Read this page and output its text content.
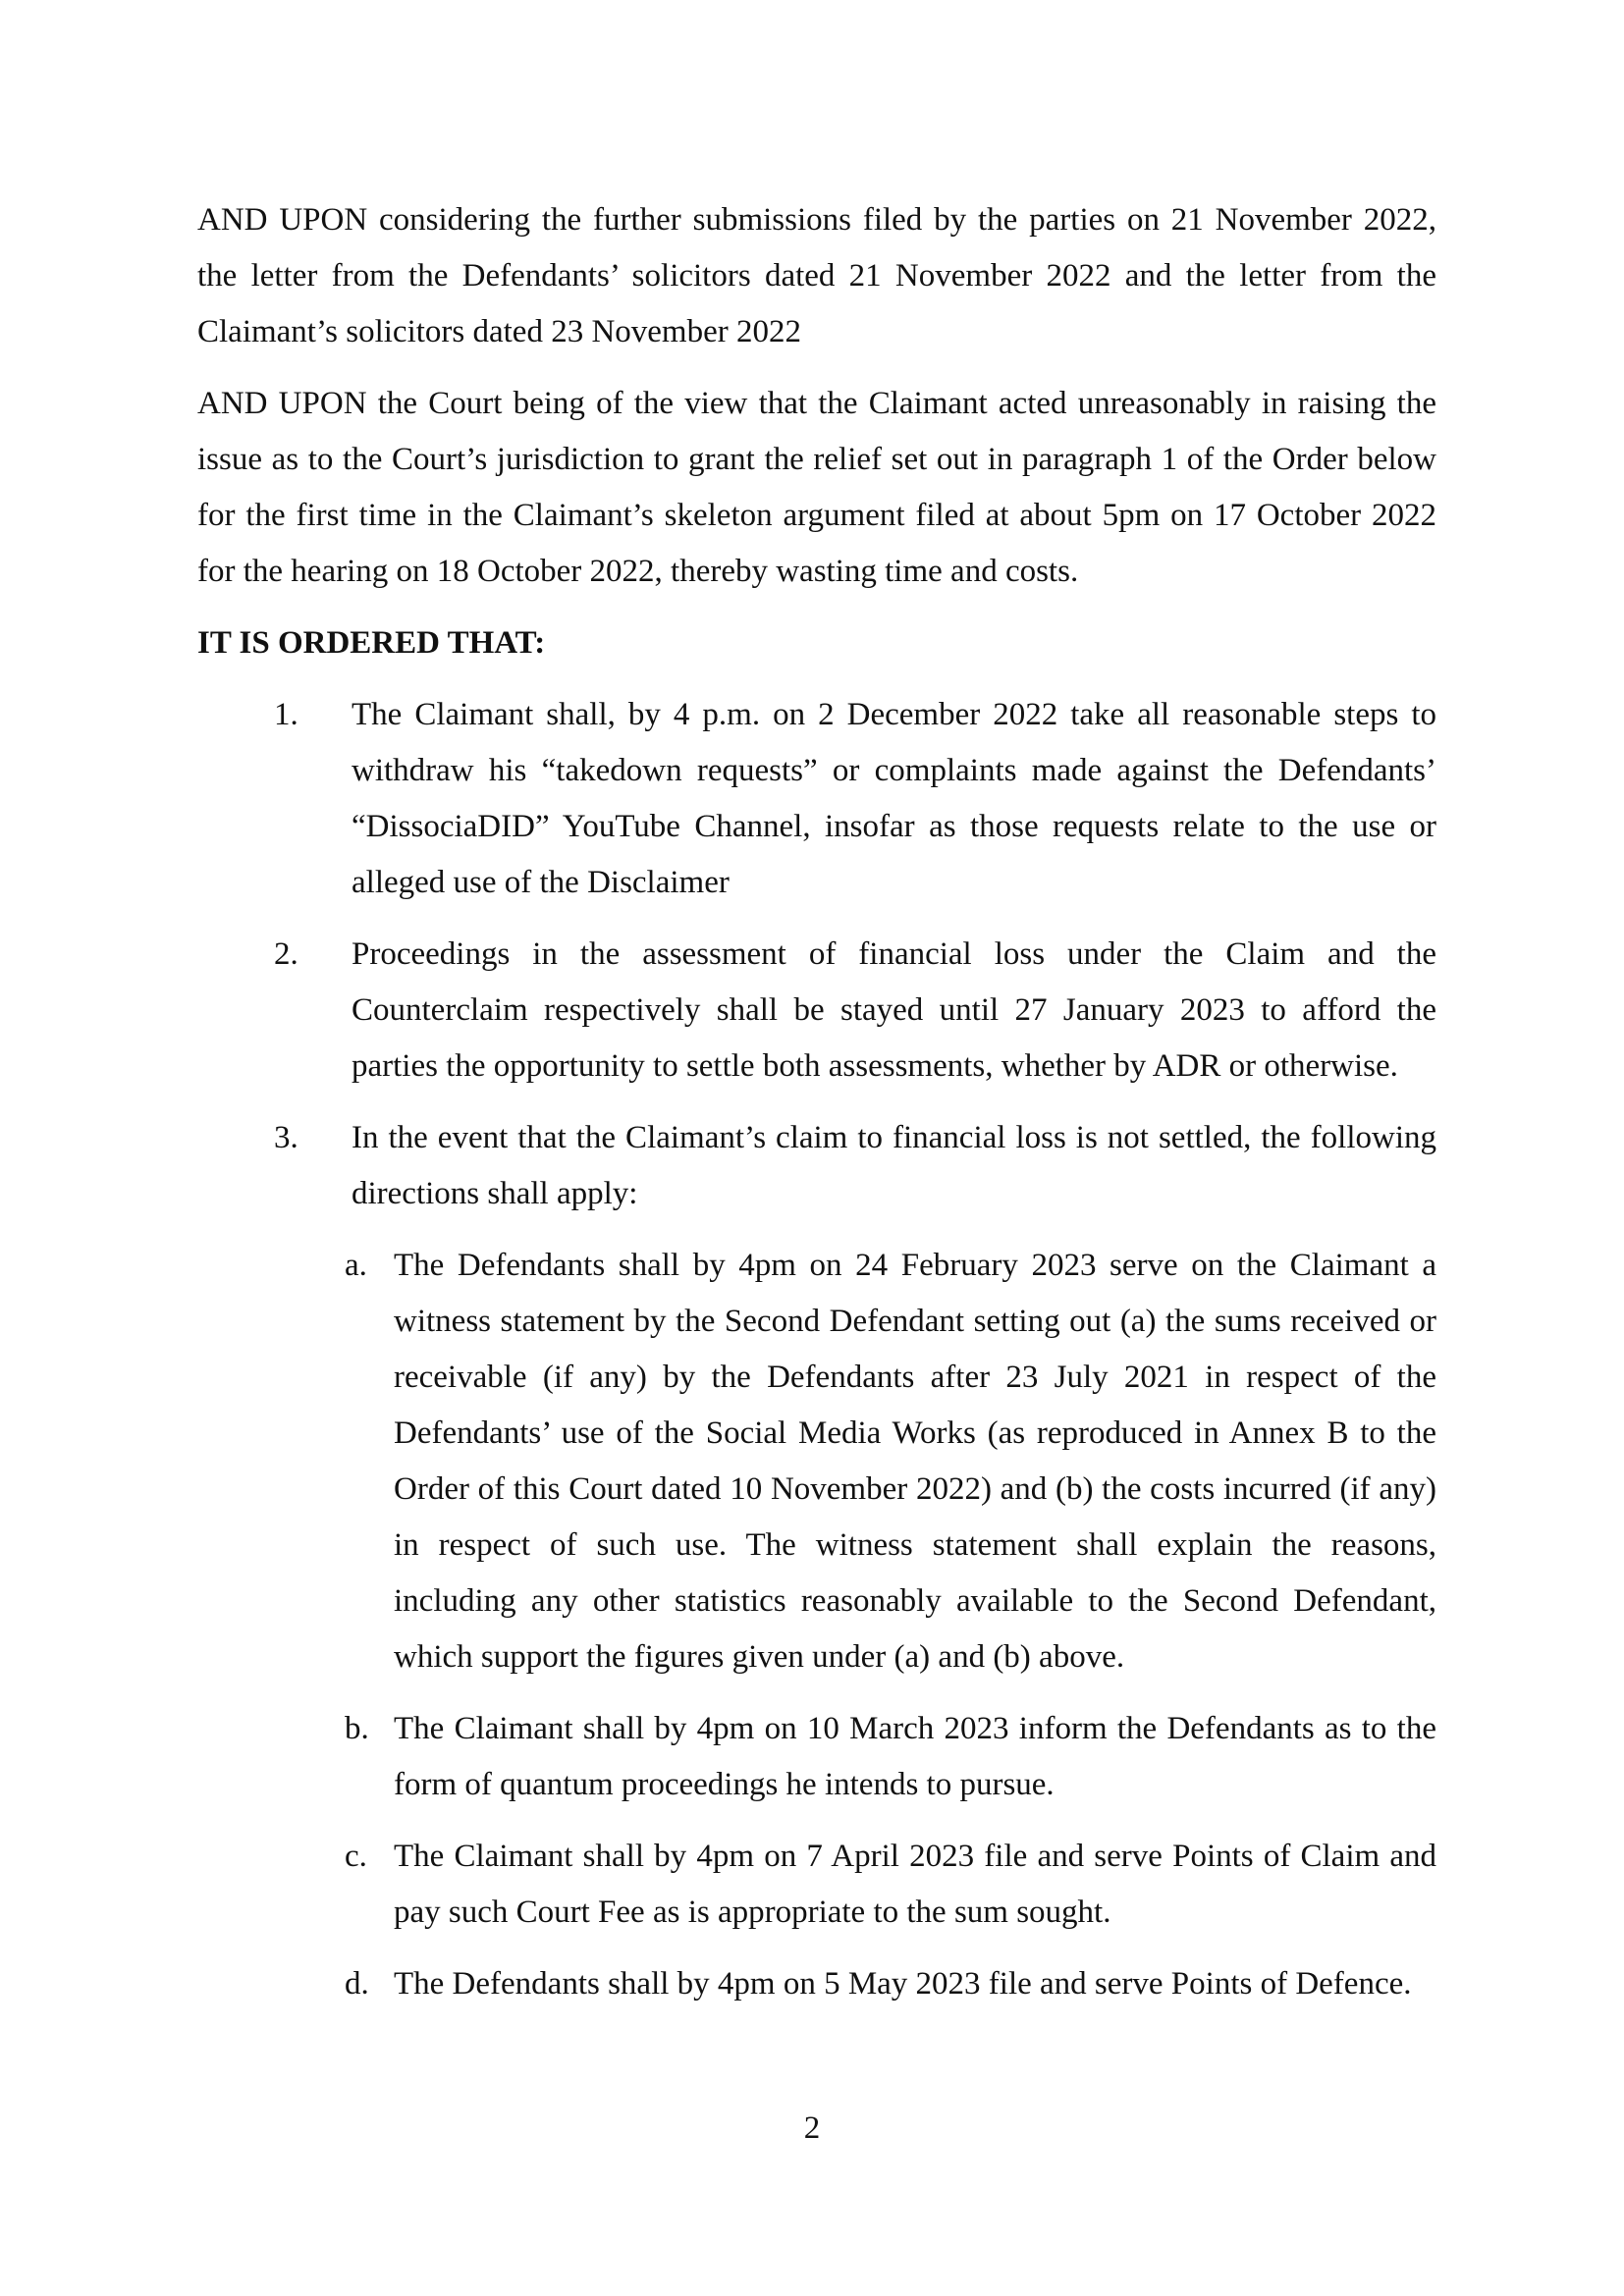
AND UPON considering the further submissions filed by the parties on 21 November 2022, the letter from the Defendants’ solicitors dated 21 November 2022 and the letter from the Claimant’s solicitors dated 23 November 2022

AND UPON the Court being of the view that the Claimant acted unreasonably in raising the issue as to the Court’s jurisdiction to grant the relief set out in paragraph 1 of the Order below for the first time in the Claimant’s skeleton argument filed at about 5pm on 17 October 2022 for the hearing on 18 October 2022, thereby wasting time and costs.

IT IS ORDERED THAT:

1. The Claimant shall, by 4 p.m. on 2 December 2022 take all reasonable steps to withdraw his “takedown requests” or complaints made against the Defendants’ “DissociaDID” YouTube Channel, insofar as those requests relate to the use or alleged use of the Disclaimer

2. Proceedings in the assessment of financial loss under the Claim and the Counterclaim respectively shall be stayed until 27 January 2023 to afford the parties the opportunity to settle both assessments, whether by ADR or otherwise.

3. In the event that the Claimant’s claim to financial loss is not settled, the following directions shall apply:

a. The Defendants shall by 4pm on 24 February 2023 serve on the Claimant a witness statement by the Second Defendant setting out (a) the sums received or receivable (if any) by the Defendants after 23 July 2021 in respect of the Defendants’ use of the Social Media Works (as reproduced in Annex B to the Order of this Court dated 10 November 2022) and (b) the costs incurred (if any) in respect of such use. The witness statement shall explain the reasons, including any other statistics reasonably available to the Second Defendant, which support the figures given under (a) and (b) above.

b. The Claimant shall by 4pm on 10 March 2023 inform the Defendants as to the form of quantum proceedings he intends to pursue.

c. The Claimant shall by 4pm on 7 April 2023 file and serve Points of Claim and pay such Court Fee as is appropriate to the sum sought.

d. The Defendants shall by 4pm on 5 May 2023 file and serve Points of Defence.

2
